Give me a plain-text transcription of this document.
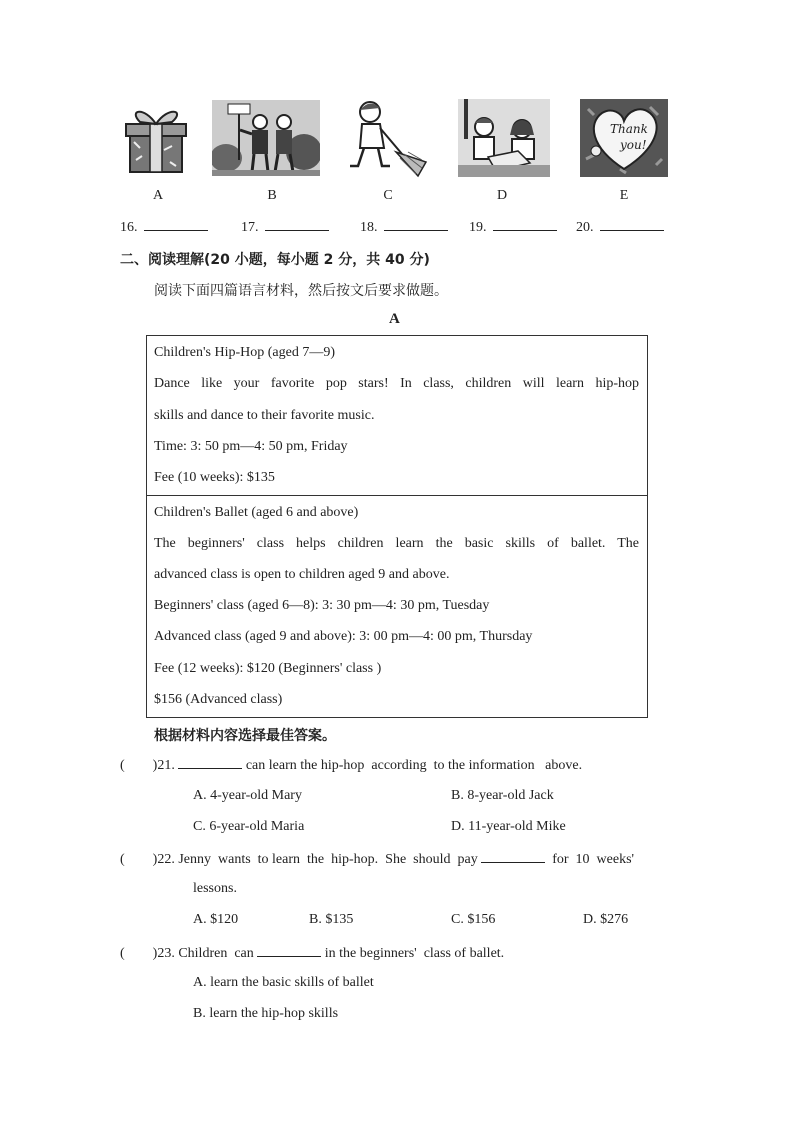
Thank
you!
A	B	C	D	E
16.	17.	18.	19.	20.
二、阅读理解(20 小题，每小题 2 分，共 40 分)
阅读下面四篇语言材料，然后按文后要求做题。
A
Children's Hip-Hop (aged 7—9)
Dance like your favorite pop stars! In class, children will learn hip-hop
skills and dance to their favorite music.
Time: 3: 50 pm—4: 50 pm, Friday
Fee (10 weeks): $135
Children's Ballet (aged 6 and above)
The beginners' class helps children learn the basic skills of ballet. The
advanced class is open to children aged 9 and above.
Beginners' class (aged 6—8): 3: 30 pm—4: 30 pm, Tuesday
Advanced class (aged 9 and above): 3: 00 pm—4: 00 pm, Thursday
Fee (12 weeks): $120 (Beginners' class )
$156 (Advanced class)
根据材料内容选择最佳答案。
(        )21.	can learn the hip-hop  according  to the information   above.
A. 4-year-old Mary	B. 8-year-old Jack
C. 6-year-old Maria	D. 11-year-old Mike
(        )22. Jenny  wants  to learn  the  hip-hop.  She  should  pay	for  10  weeks'
lessons.
A. $120	B. $135	C. $156	D. $276
(        )23. Children  can	in the beginners'  class of ballet.
A. learn the basic skills of ballet
B. learn the hip-hop skills
